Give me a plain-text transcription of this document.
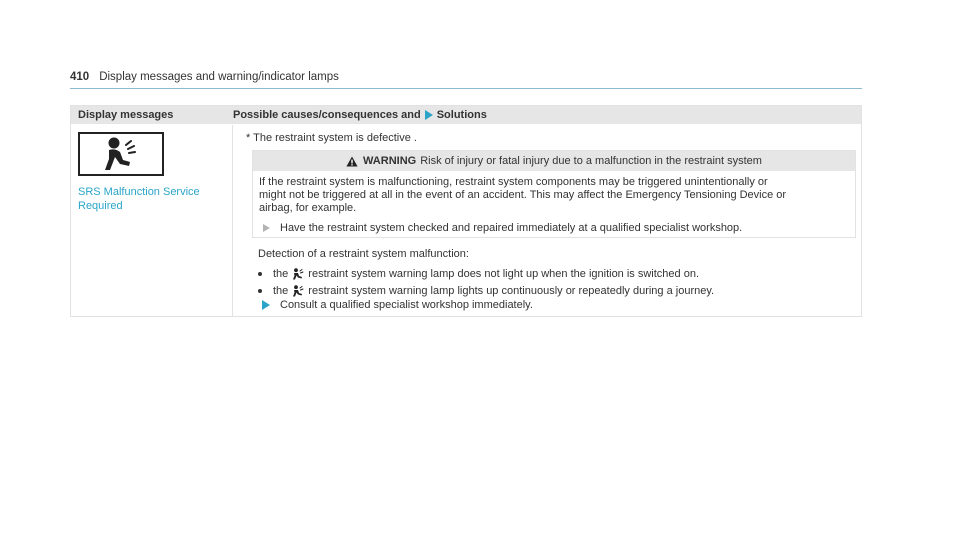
410 Display messages and warning/indicator lamps
Display messages	Possible causes/consequences and Solutions
SRS Malfunction Service
Required
* The restraint system is defective .
WARNING Risk of injury or fatal injury due to a malfunction in the restraint system
If the restraint system is malfunctioning, restraint system components may be triggered unintentionally or
might not be triggered at all in the event of an accident. This may affect the Emergency Tensioning Device or
airbag, for example.
Have the restraint system checked and repaired immediately at a qualified specialist workshop.
Detection of a restraint system malfunction:
the restraint system warning lamp does not light up when the ignition is switched on.
the restraint system warning lamp lights up continuously or repeatedly during a journey.
Consult a qualified specialist workshop immediately.
